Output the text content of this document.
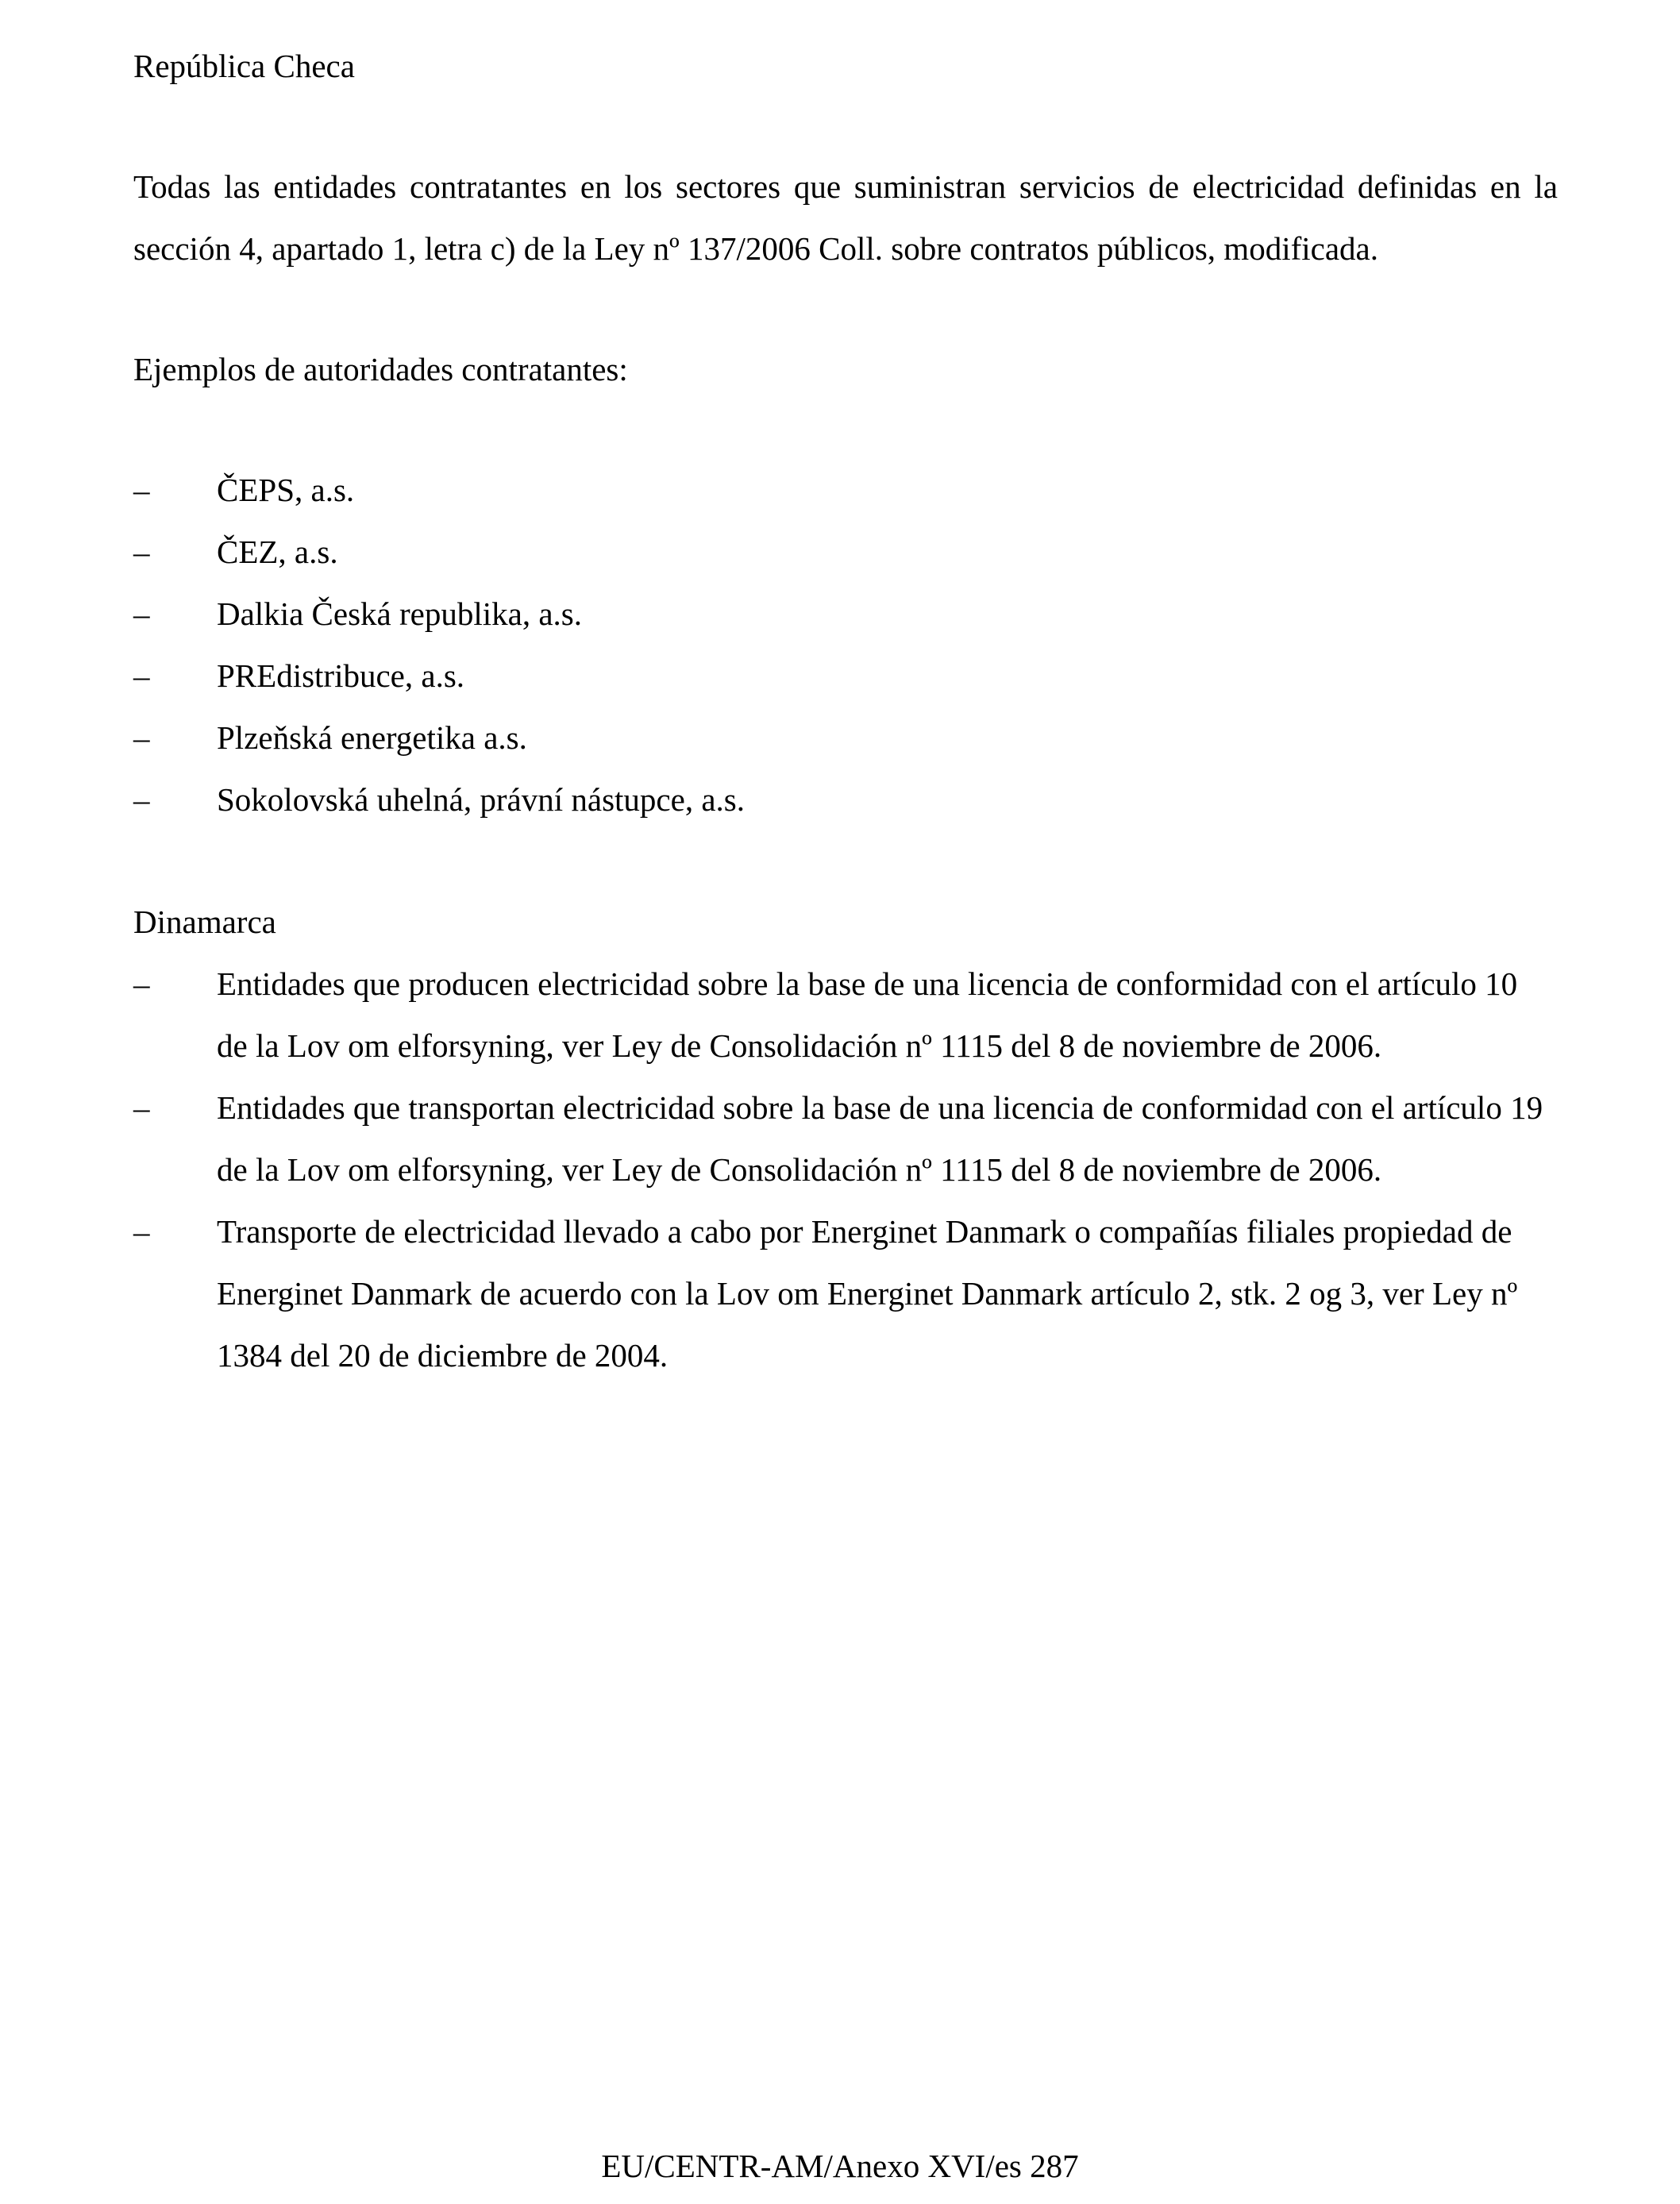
República Checa

Todas las entidades contratantes en los sectores que suministran servicios de electricidad definidas en la sección 4, apartado 1, letra c) de la Ley nº 137/2006 Coll. sobre contratos públicos, modificada.

Ejemplos de autoridades contratantes:

– ČEPS, a.s.
– ČEZ, a.s.
– Dalkia Česká republika, a.s.
– PREdistribuce, a.s.
– Plzeňská energetika a.s.
– Sokolovská uhelná, právní nástupce, a.s.

Dinamarca

– Entidades que producen electricidad sobre la base de una licencia de conformidad con el artículo 10 de la Lov om elforsyning, ver Ley de Consolidación nº 1115 del 8 de noviembre de 2006.
– Entidades que transportan electricidad sobre la base de una licencia de conformidad con el artículo 19 de la Lov om elforsyning, ver Ley de Consolidación nº 1115 del 8 de noviembre de 2006.
– Transporte de electricidad llevado a cabo por Energinet Danmark o compañías filiales propiedad de Energinet Danmark de acuerdo con la Lov om Energinet Danmark artículo 2, stk. 2 og 3, ver Ley nº 1384 del 20 de diciembre de 2004.
EU/CENTR-AM/Anexo XVI/es 287
